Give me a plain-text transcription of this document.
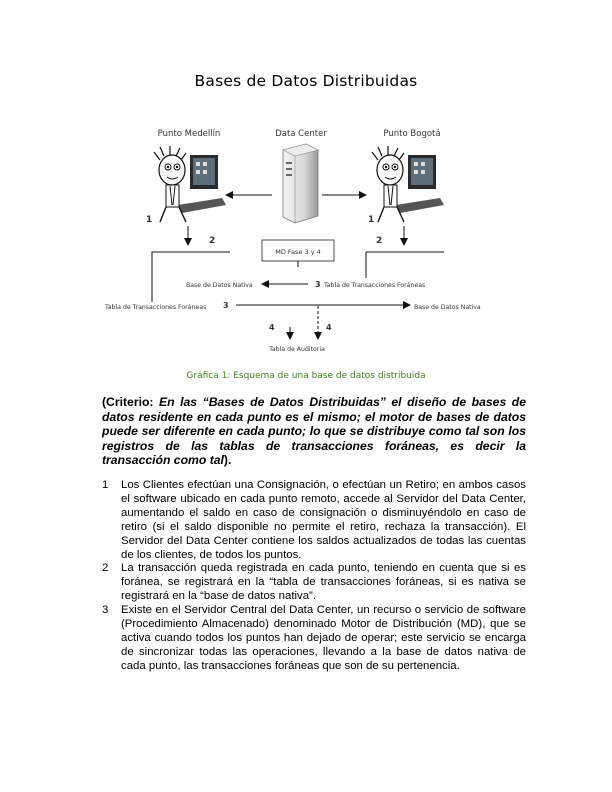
Bases de Datos Distribuidas
Punto Medellín	Data Center	Punto Bogotá
1	1
2	2
MD Fase 3 y 4
Base de Datos Nativa	3 Tabla de Transacciones Foráneas
Tabla de Transacciones Foráneas 3	Base de Datos Nativa
4	4
Tabla de Auditoria
Gráfica 1: Esquema de una base de datos distribuida
(Criterio: En las “Bases de Datos Distribuidas” el diseño de bases de datos residente en cada punto es el mismo; el motor de bases de datos puede ser diferente en cada punto; lo que se distribuye como tal son los registros de las tablas de transacciones foráneas, es decir la transacción como tal).
1 Los Clientes efectúan una Consignación, o efectúan un Retiro; en ambos casos el software ubicado en cada punto remoto, accede al Servidor del Data Center, aumentando el saldo en caso de consignación o disminuyéndolo en caso de retiro (si el saldo disponible no permite el retiro, rechaza la transacción). El Servidor del Data Center contiene los saldos actualizados de todas las cuentas de los clientes, de todos los puntos.
2 La transacción queda registrada en cada punto, teniendo en cuenta que si es foránea, se registrará en la “tabla de transacciones foráneas, si es nativa se registrará en la “base de datos nativa”.
3 Existe en el Servidor Central del Data Center, un recurso o servicio de software (Procedimiento Almacenado) denominado Motor de Distribución (MD), que se activa cuando todos los puntos han dejado de operar; este servicio se encarga de sincronizar todas las operaciones, llevando a la base de datos nativa de cada punto, las transacciones foráneas que son de su pertenencia.
